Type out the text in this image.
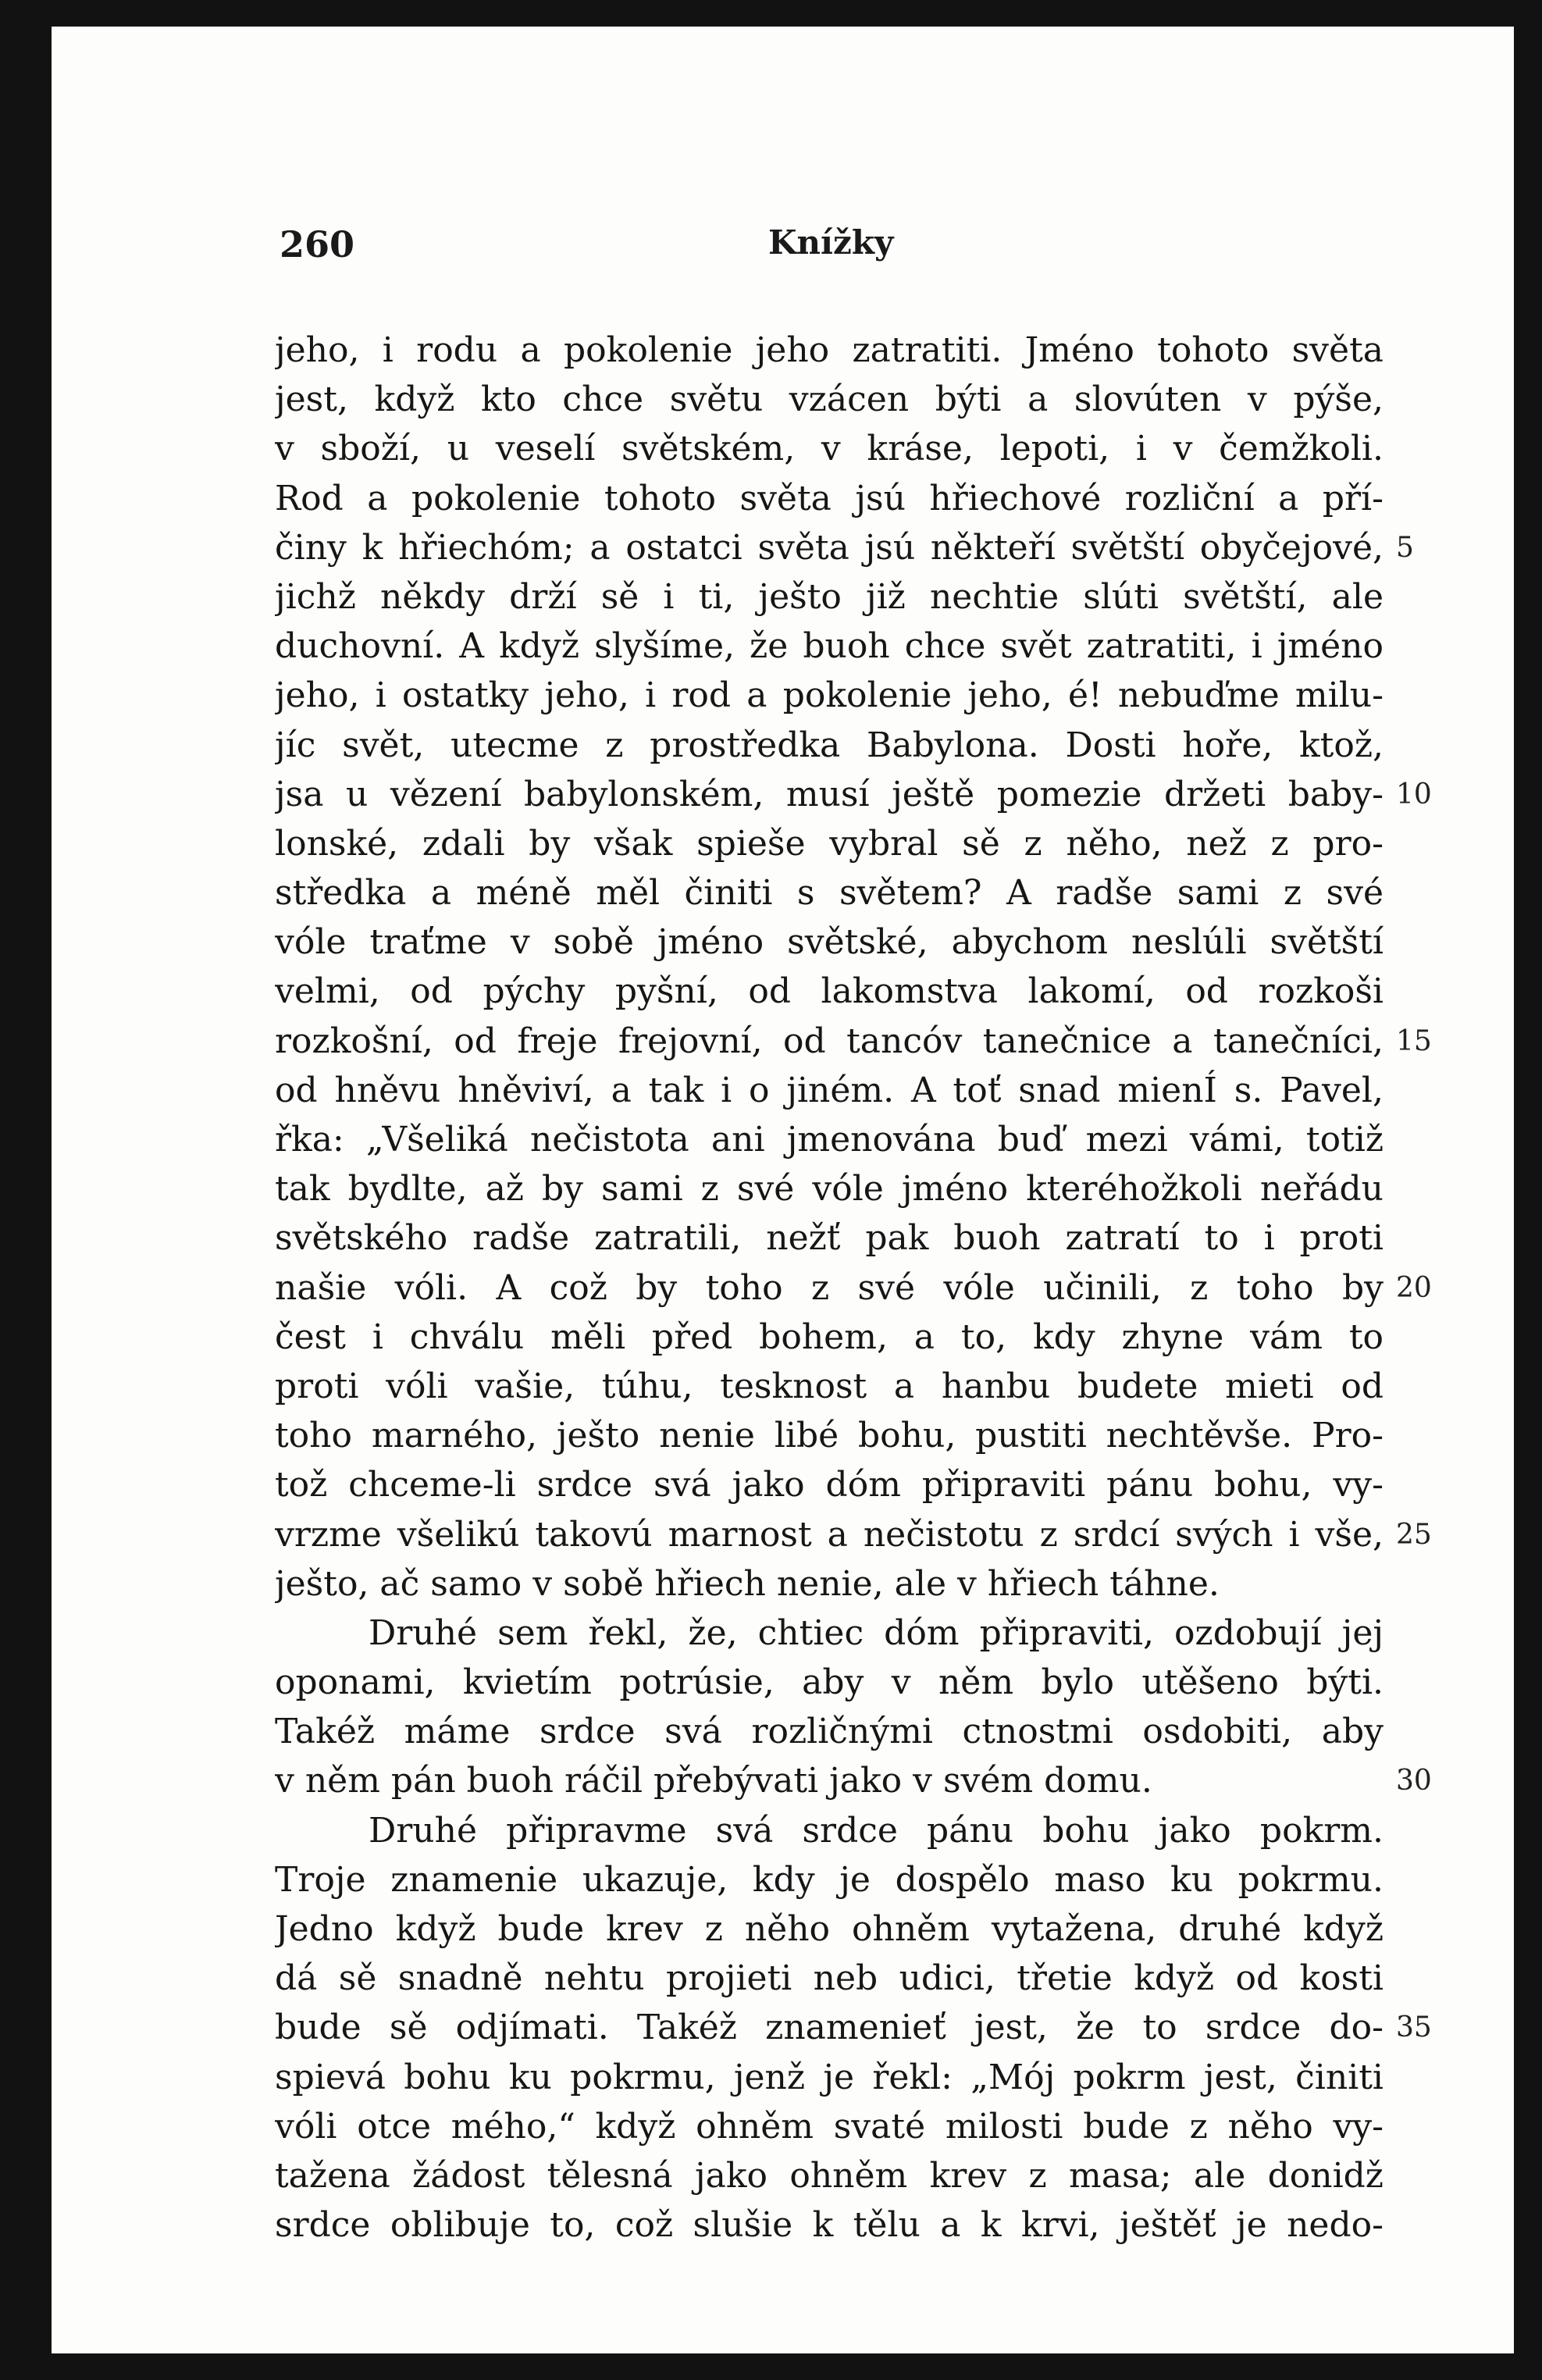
260	Knížky
jeho, i rodu a pokolenie jeho zatratiti. Jméno tohoto světa
jest, když kto chce světu vzácen býti a slovúten v pýše,
v sboží, u veselí světském, v kráse, lepoti, i v čemžkoli.
Rod a pokolenie tohoto světa jsú hřiechové rozliční a pří-
činy k hřiechóm; a ostatci světa jsú někteří světští obyčejové, 5
jichž někdy drží sě i ti, ješto již nechtie slúti světští, ale
duchovní. A když slyšíme, že buoh chce svět zatratiti, i jméno
jeho, i ostatky jeho, i rod a pokolenie jeho, é! nebuďme milu-
jíc svět, utecme z prostředka Babylona. Dosti hoře, ktož,
jsa u vězení babylonském, musí ještě pomezie držeti baby- 10
lonské, zdali by však spieše vybral sě z něho, než z pro-
středka a méně měl činiti s světem? A radše sami z své
vóle traťme v sobě jméno světské, abychom neslúli světští
velmi, od pýchy pyšní, od lakomstva lakomí, od rozkoši
rozkošní, od freje frejovní, od tancóv tanečnice a tanečníci, 15
od hněvu hněviví, a tak i o jiném. A toť snad mienÍ s. Pavel,
řka: „Všeliká nečistota ani jmenována buď mezi vámi, totiž
tak bydlte, až by sami z své vóle jméno kteréhožkoli neřádu
světského radše zatratili, nežť pak buoh zatratí to i proti
našie vóli. A což by toho z své vóle učinili, z toho by 20
čest i chválu měli před bohem, a to, kdy zhyne vám to
proti vóli vašie, túhu, tesknost a hanbu budete mieti od
toho marného, ješto nenie libé bohu, pustiti nechtěvše. Pro-
tož chceme-li srdce svá jako dóm připraviti pánu bohu, vy-
vrzme všelikú takovú marnost a nečistotu z srdcí svých i vše, 25
ješto, ač samo v sobě hřiech nenie, ale v hřiech táhne.
Druhé sem řekl, že, chtiec dóm připraviti, ozdobují jej
oponami, kvietím potrúsie, aby v něm bylo utěšeno býti.
Takéž máme srdce svá rozličnými ctnostmi osdobiti, aby
v něm pán buoh ráčil přebývati jako v svém domu.	30
Druhé připravme svá srdce pánu bohu jako pokrm.
Troje znamenie ukazuje, kdy je dospělo maso ku pokrmu.
Jedno když bude krev z něho ohněm vytažena, druhé když
dá sě snadně nehtu projieti neb udici, třetie když od kosti
bude sě odjímati. Takéž znamenieť jest, že to srdce do- 35
spievá bohu ku pokrmu, jenž je řekl: „Mój pokrm jest, činiti
vóli otce mého,“ když ohněm svaté milosti bude z něho vy-
tažena žádost tělesná jako ohněm krev z masa; ale donidž
srdce oblibuje to, což slušie k tělu a k krvi, ještěť je nedo-
